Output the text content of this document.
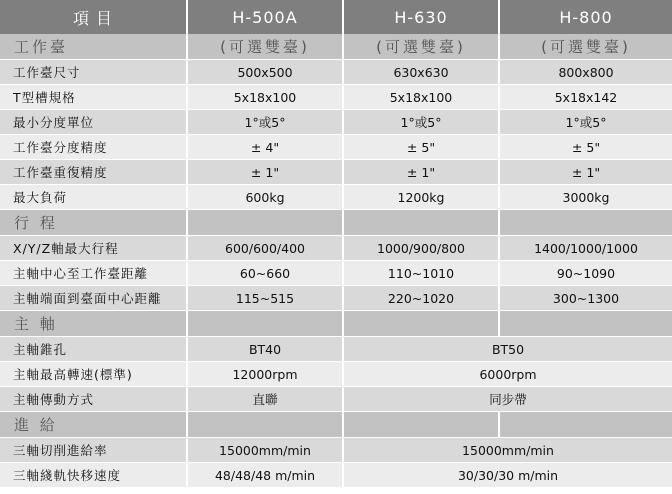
項 目	H-500A	H-630	H-800
工作臺	(可選雙臺)	(可選雙臺)	(可選雙臺)
工作臺尺寸	500x500	630x630	800x800
T型槽規格	5x18x100	5x18x100	5x18x142
最小分度單位	1°或5°	1°或5°	1°或5°
工作臺分度精度	± 4"	± 5"	± 5"
工作臺重復精度	± 1"	± 1"	± 1"
最大負荷	600kg	1200kg	3000kg
行 程			
X/Y/Z軸最大行程	600/600/400	1000/900/800	1400/1000/1000
主軸中心至工作臺距離	60~660	110~1010	90~1090
主軸端面到臺面中心距離	115~515	220~1020	300~1300
主 軸			
主軸錐孔	BT40	BT50	
主軸最高轉速(標準)	12000rpm	6000rpm	
主軸傳動方式	直聯	同步帶	
進 給			
三軸切削進給率	15000mm/min	15000mm/min	
三軸綫軌快移速度	48/48/48 m/min	30/30/30 m/min	
